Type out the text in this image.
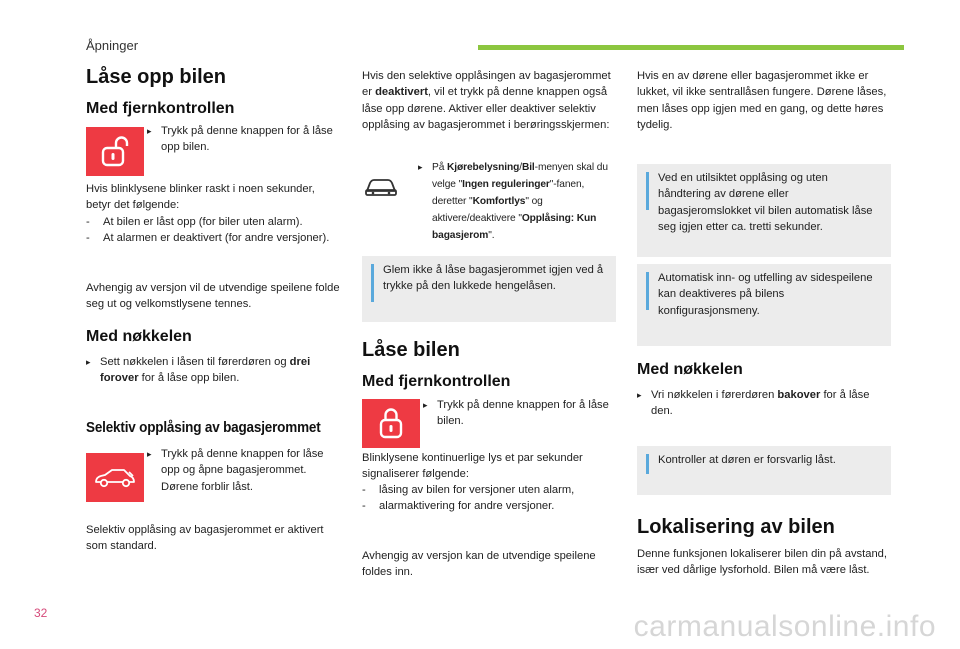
Åpninger
Låse opp bilen
Med fjernkontrollen
▸ Trykk på denne knappen for å låse opp bilen.

Hvis blinklysene blinker raskt i noen sekunder, betyr det følgende:

-	At bilen er låst opp (for biler uten alarm).
-	At alarmen er deaktivert (for andre versjoner).

Avhengig av versjon vil de utvendige speilene folde seg ut og velkomstlysene tennes.

Med nøkkelen
▸ Sett nøkkelen i låsen til førerdøren og drei forover for å låse opp bilen.
Selektiv opplåsing av bagasjerommet
▸ Trykk på denne knappen for låse opp og åpne bagasjerommet. Dørene forblir låst.

Selektiv opplåsing av bagasjerommet er aktivert som standard.

Hvis den selektive opplåsingen av bagasjerommet er deaktivert, vil et trykk på denne knappen også låse opp dørene. Aktiver eller deaktiver selektiv opplåsing av bagasjerommet i berøringsskjermen:

▸ På Kjørebelysning/Bil-menyen skal du velge "Ingen reguleringer"-fanen, deretter "Komfortlys" og aktivere/deaktivere "Opplåsing: Kun bagasjerom".
Glem ikke å låse bagasjerommet igjen ved å trykke på den lukkede hengelåsen.
Låse bilen
Med fjernkontrollen
▸ Trykk på denne knappen for å låse bilen.

Blinklysene kontinuerlige lys et par sekunder signaliserer følgende:

-	låsing av bilen for versjoner uten alarm,
-	alarmaktivering for andre versjoner.

Avhengig av versjon kan de utvendige speilene foldes inn.

Hvis en av dørene eller bagasjerommet ikke er lukket, vil ikke sentrallåsen fungere. Dørene låses, men låses opp igjen med en gang, og dette høres tydelig.

Ved en utilsiktet opplåsing og uten håndtering av dørene eller bagasjeromslokket vil bilen automatisk låse seg igjen etter ca. tretti sekunder.
Automatisk inn- og utfelling av sidespeilene kan deaktiveres på bilens konfigurasjonsmeny.
Med nøkkelen
▸ Vri nøkkelen i førerdøren bakover for å låse den.
Kontroller at døren er forsvarlig låst.
Lokalisering av bilen

Denne funksjonen lokaliserer bilen din på avstand, især ved dårlige lysforhold. Bilen må være låst.

carmanualsonline.info
32
